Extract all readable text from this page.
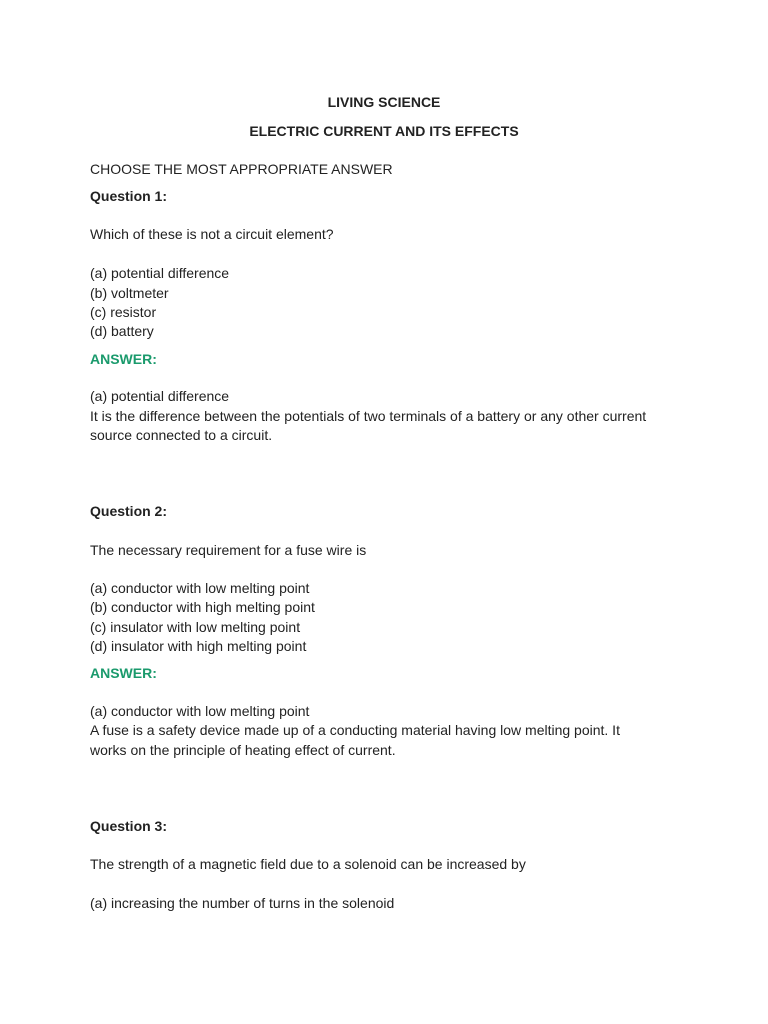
LIVING SCIENCE
ELECTRIC CURRENT AND ITS EFFECTS
CHOOSE THE MOST APPROPRIATE ANSWER
Question 1:
Which of these is not a circuit element?
(a) potential difference
(b) voltmeter
(c) resistor
(d) battery
ANSWER:
(a) potential difference
It is the difference between the potentials of two terminals of a battery or any other current
source connected to a circuit.
Question 2:
The necessary requirement for a fuse wire is
(a) conductor with low melting point
(b) conductor with high melting point
(c) insulator with low melting point
(d) insulator with high melting point
ANSWER:
(a) conductor with low melting point
A fuse is a safety device made up of a conducting material having low melting point. It
works on the principle of heating effect of current.
Question 3:
The strength of a magnetic field due to a solenoid can be increased by
(a) increasing the number of turns in the solenoid
